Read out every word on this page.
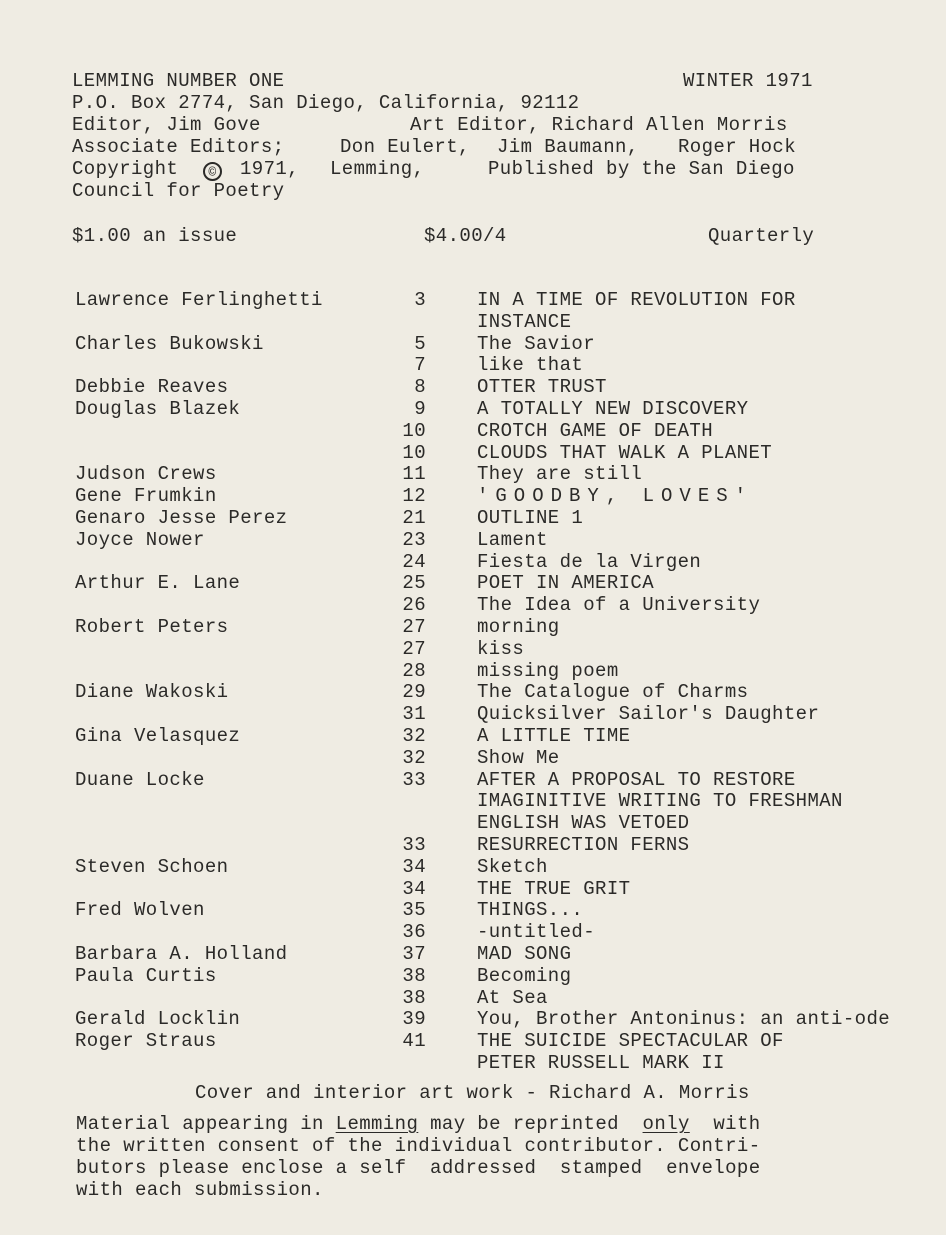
LEMMING NUMBER ONE	WINTER 1971
P.O. Box 2774, San Diego, California, 92112
Editor, Jim Gove	Art Editor, Richard Allen Morris
Associate Editors;	Don Eulert, Jim Baumann, Roger Hock
Copyright	©	1971, Lemming,	Published by the San Diego
Council for Poetry
$1.00 an issue	$4.00/4	Quarterly
Lawrence Ferlinghetti	3	IN A TIME OF REVOLUTION FOR
INSTANCE
Charles Bukowski	5	The Savior
7	like that
Debbie Reaves	8	OTTER TRUST
Douglas Blazek	9	A TOTALLY NEW DISCOVERY
10	CROTCH GAME OF DEATH
10	CLOUDS THAT WALK A PLANET
Judson Crews	11	They are still
Gene Frumkin	12	'GOODBY, LOVES'
Genaro Jesse Perez	21	OUTLINE 1
Joyce Nower	23	Lament
24	Fiesta de la Virgen
Arthur E. Lane	25	POET IN AMERICA
26	The Idea of a University
Robert Peters	27	morning
27	kiss
28	missing poem
Diane Wakoski	29	The Catalogue of Charms
31	Quicksilver Sailor's Daughter
Gina Velasquez	32	A LITTLE TIME
32	Show Me
Duane Locke	33	AFTER A PROPOSAL TO RESTORE
IMAGINITIVE WRITING TO FRESHMAN
ENGLISH WAS VETOED
33	RESURRECTION FERNS
Steven Schoen	34	Sketch
34	THE TRUE GRIT
Fred Wolven	35	THINGS...
36	-untitled-
Barbara A. Holland	37	MAD SONG
Paula Curtis	38	Becoming
38	At Sea
Gerald Locklin	39	You, Brother Antoninus: an anti-ode
Roger Straus	41	THE SUICIDE SPECTACULAR OF
PETER RUSSELL MARK II
Cover and interior art work - Richard A. Morris
Material appearing in Lemming may be reprinted only with
the written consent of the individual contributor. Contri-
butors please enclose a self  addressed  stamped  envelope
with each submission.
